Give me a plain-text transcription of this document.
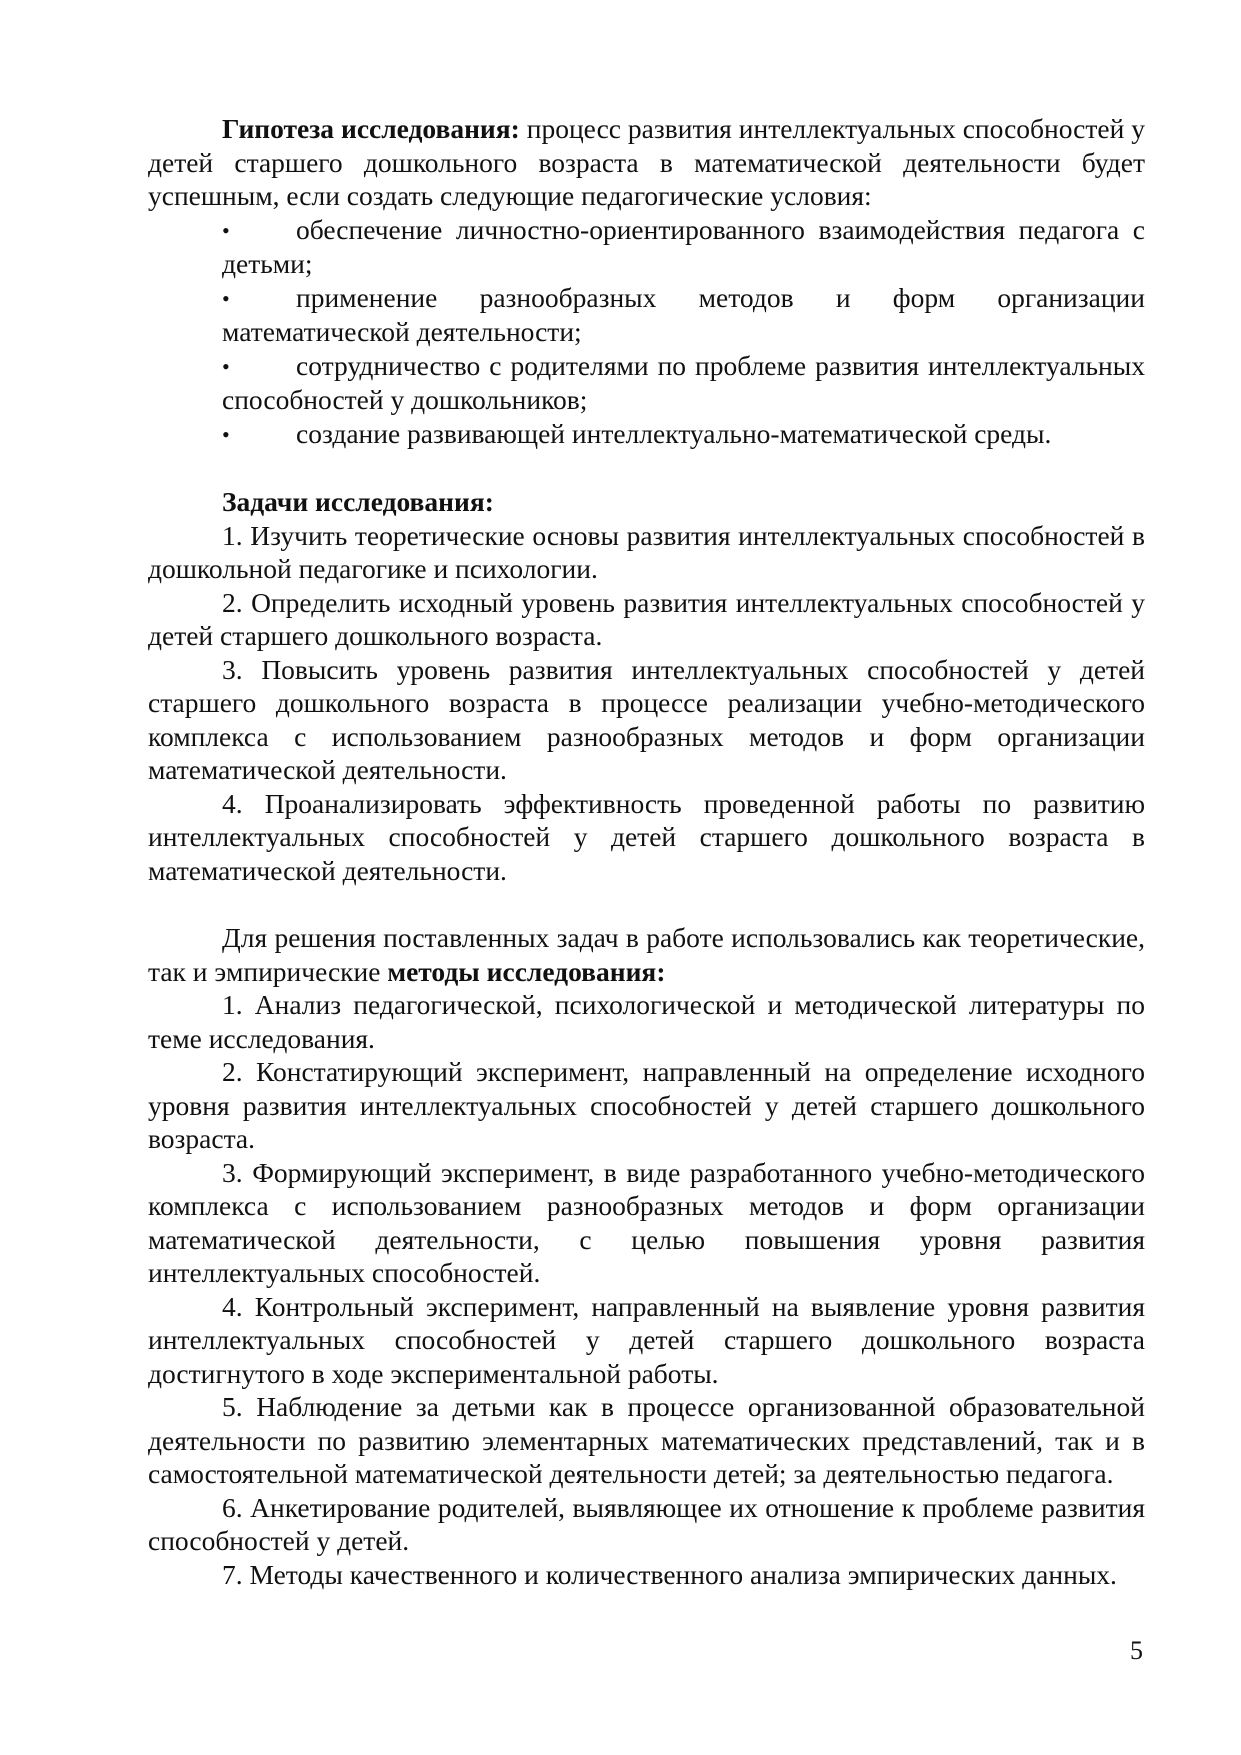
Гипотеза исследования: процесс развития интеллектуальных способностей у детей старшего дошкольного возраста в математической деятельности будет успешным, если создать следующие педагогические условия:

• обеспечение личностно-ориентированного взаимодействия педагога с детьми;

• применение разнообразных методов и форм организации математической деятельности;

• сотрудничество с родителями по проблеме развития интеллектуальных способностей у дошкольников;

• создание развивающей интеллектуально-математической среды.

Задачи исследования:

1. Изучить теоретические основы развития интеллектуальных способностей в дошкольной педагогике и психологии.

2. Определить исходный уровень развития интеллектуальных способностей у детей старшего дошкольного возраста.

3. Повысить уровень развития интеллектуальных способностей у детей старшего дошкольного возраста в процессе реализации учебно-методического комплекса с использованием разнообразных методов и форм организации математической деятельности.

4. Проанализировать эффективность проведенной работы по развитию интеллектуальных способностей у детей старшего дошкольного возраста в математической деятельности.

Для решения поставленных задач в работе использовались как теоретические, так и эмпирические методы исследования:

1. Анализ педагогической, психологической и методической литературы по теме исследования.

2. Констатирующий эксперимент, направленный на определение исходного уровня развития интеллектуальных способностей у детей старшего дошкольного возраста.

3. Формирующий эксперимент, в виде разработанного учебно-методического комплекса с использованием разнообразных методов и форм организации математической деятельности, с целью повышения уровня развития интеллектуальных способностей.

4. Контрольный эксперимент, направленный на выявление уровня развития интеллектуальных способностей у детей старшего дошкольного возраста достигнутого в ходе экспериментальной работы.

5. Наблюдение за детьми как в процессе организованной образовательной деятельности по развитию элементарных математических представлений, так и в самостоятельной математической деятельности детей; за деятельностью педагога.

6. Анкетирование родителей, выявляющее их отношение к проблеме развития способностей у детей.

7. Методы качественного и количественного анализа эмпирических данных.

5
